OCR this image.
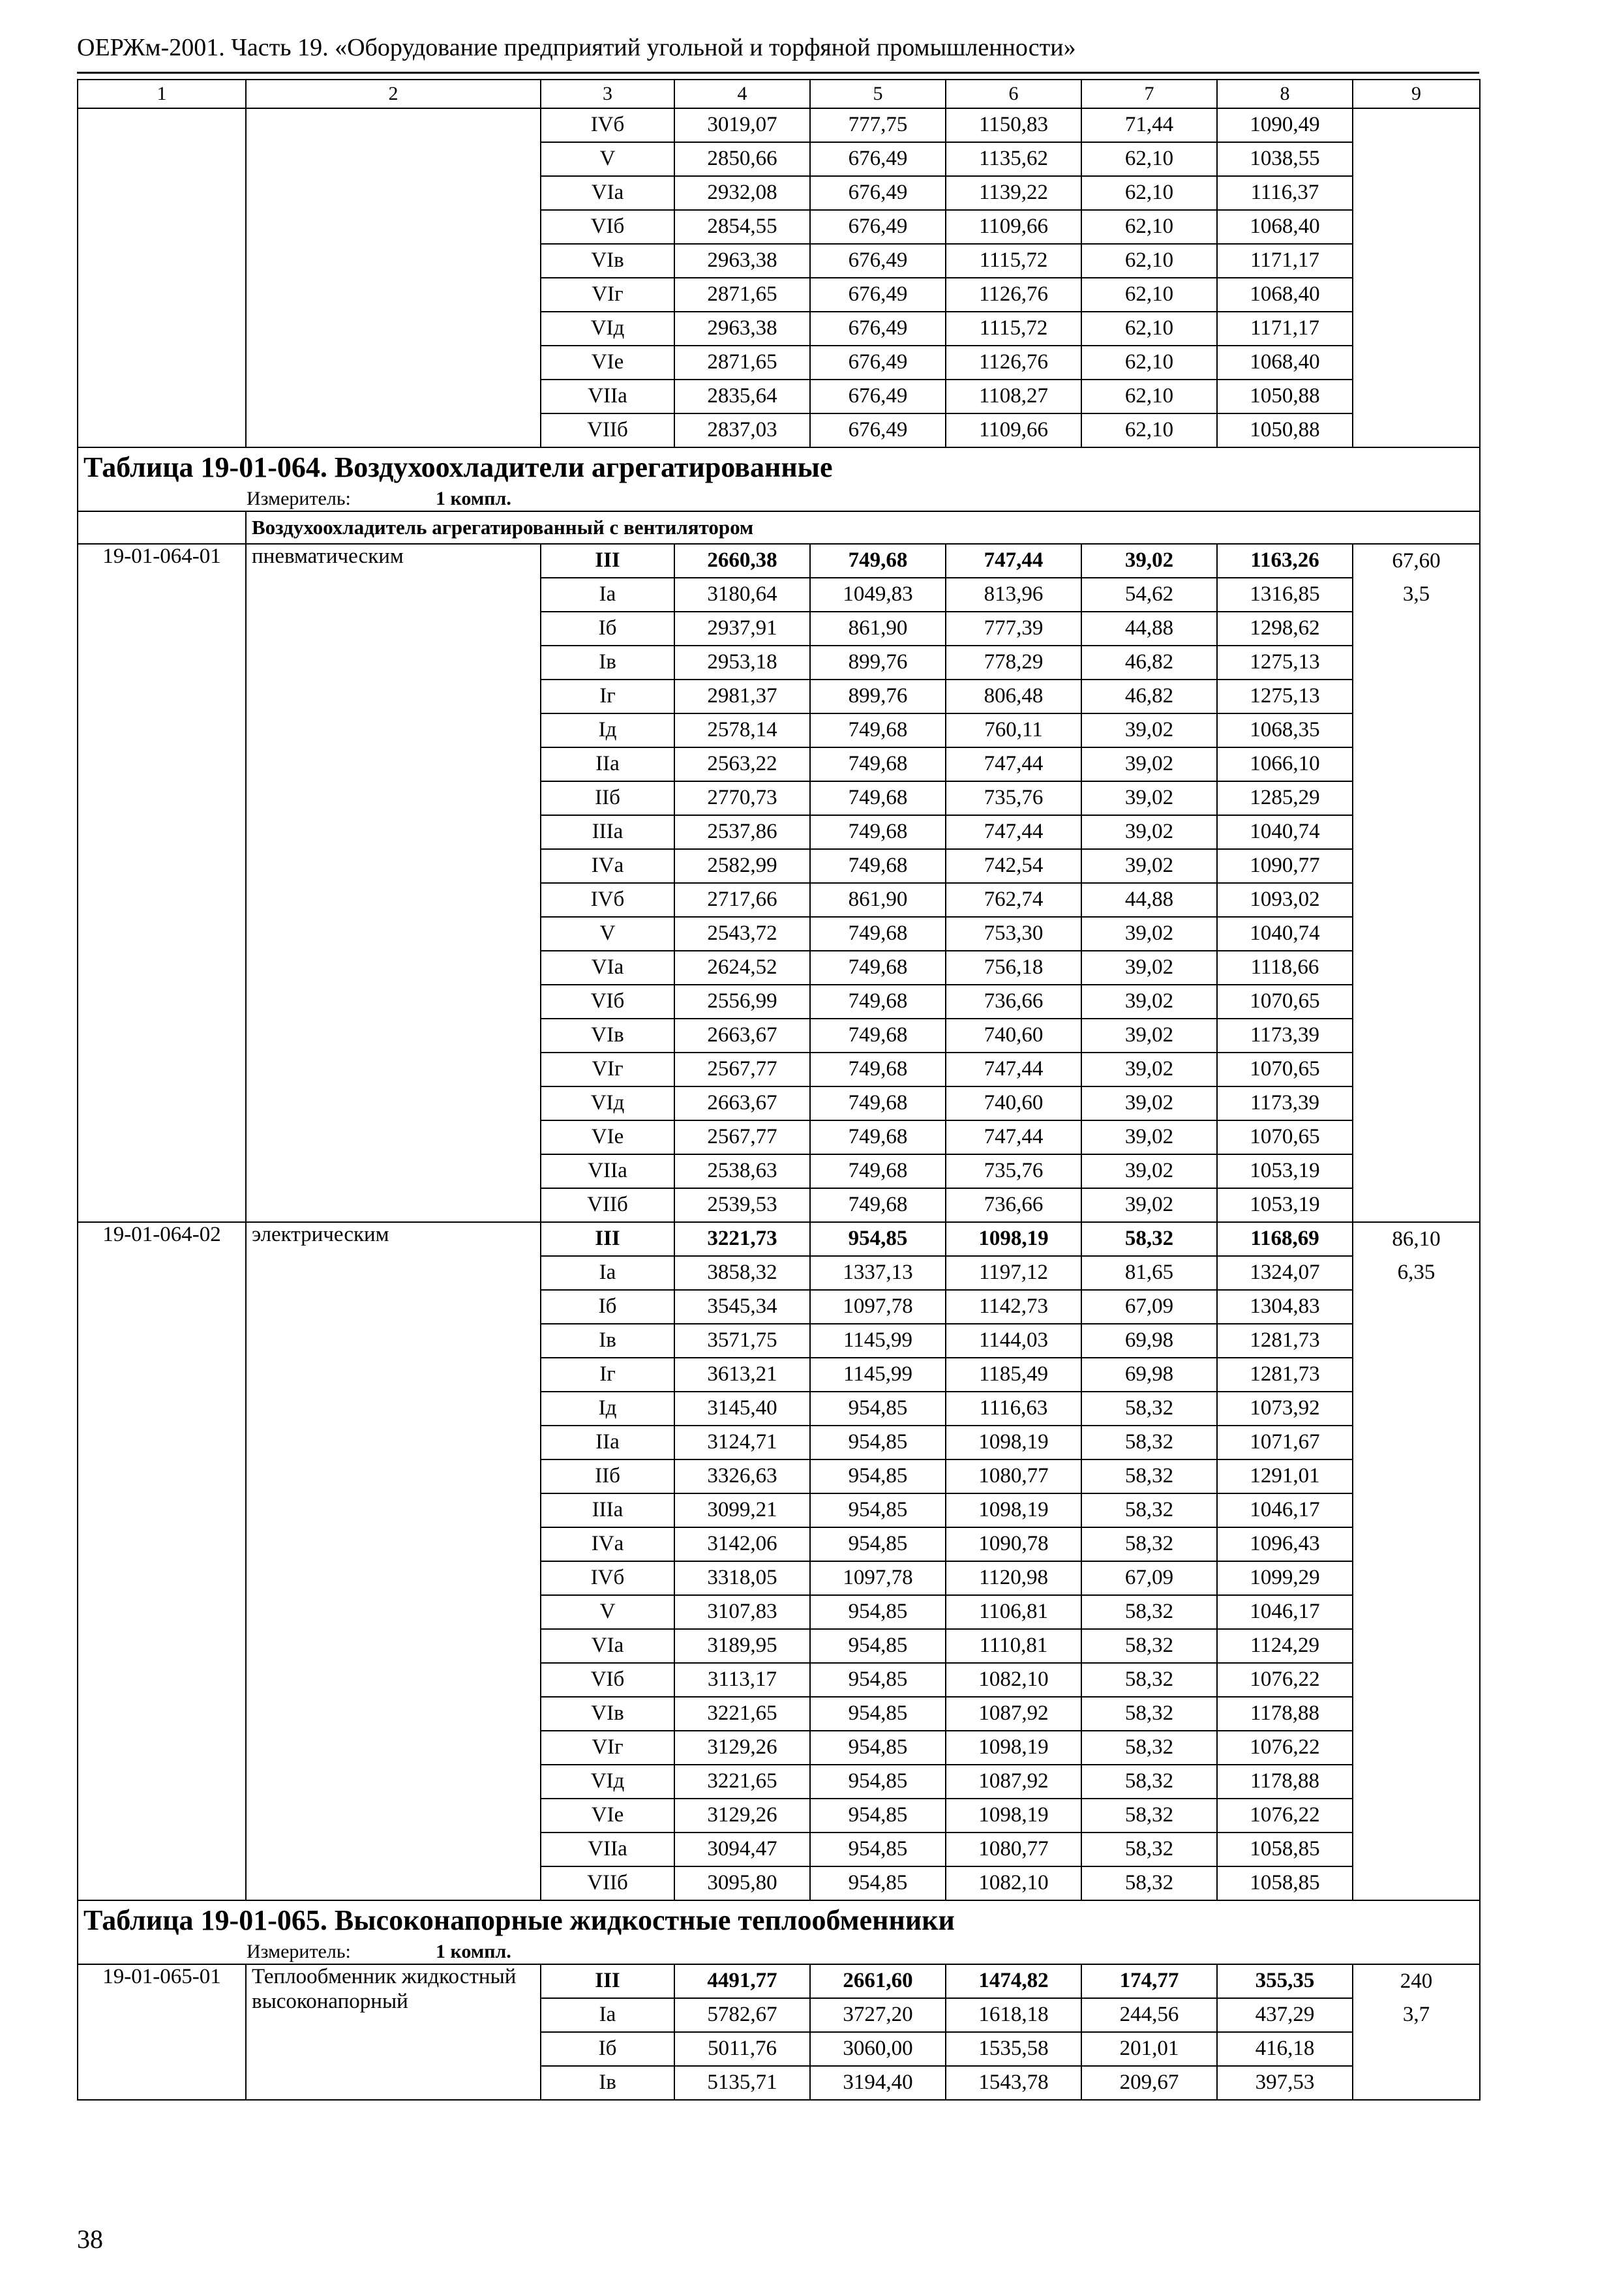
ОЕРЖм-2001. Часть 19. «Оборудование предприятий угольной и торфяной промышленности»
1	2	3	4	5	6	7	8	9
		IVб	3019,07	777,75	1150,83	71,44	1090,49	
		V	2850,66	676,49	1135,62	62,10	1038,55	
		VIа	2932,08	676,49	1139,22	62,10	1116,37	
		VIб	2854,55	676,49	1109,66	62,10	1068,40	
		VIв	2963,38	676,49	1115,72	62,10	1171,17	
		VIг	2871,65	676,49	1126,76	62,10	1068,40	
		VIд	2963,38	676,49	1115,72	62,10	1171,17	
		VIе	2871,65	676,49	1126,76	62,10	1068,40	
		VIIа	2835,64	676,49	1108,27	62,10	1050,88	
		VIIб	2837,03	676,49	1109,66	62,10	1050,88	
Таблица 19-01-064. Воздухоохладители агрегатированные								
Измеритель: 1 компл.								
	Воздухоохладитель агрегатированный с вентилятором							
19-01-064-01	пневматическим	III	2660,38	749,68	747,44	39,02	1163,26	67,60
		Iа	3180,64	1049,83	813,96	54,62	1316,85	3,5
		Iб	2937,91	861,90	777,39	44,88	1298,62	
		Iв	2953,18	899,76	778,29	46,82	1275,13	
		Iг	2981,37	899,76	806,48	46,82	1275,13	
		Iд	2578,14	749,68	760,11	39,02	1068,35	
		IIа	2563,22	749,68	747,44	39,02	1066,10	
		IIб	2770,73	749,68	735,76	39,02	1285,29	
		IIIа	2537,86	749,68	747,44	39,02	1040,74	
		IVа	2582,99	749,68	742,54	39,02	1090,77	
		IVб	2717,66	861,90	762,74	44,88	1093,02	
		V	2543,72	749,68	753,30	39,02	1040,74	
		VIа	2624,52	749,68	756,18	39,02	1118,66	
		VIб	2556,99	749,68	736,66	39,02	1070,65	
		VIв	2663,67	749,68	740,60	39,02	1173,39	
		VIг	2567,77	749,68	747,44	39,02	1070,65	
		VIд	2663,67	749,68	740,60	39,02	1173,39	
		VIе	2567,77	749,68	747,44	39,02	1070,65	
		VIIа	2538,63	749,68	735,76	39,02	1053,19	
		VIIб	2539,53	749,68	736,66	39,02	1053,19	
19-01-064-02	электрическим	III	3221,73	954,85	1098,19	58,32	1168,69	86,10
		Iа	3858,32	1337,13	1197,12	81,65	1324,07	6,35
		Iб	3545,34	1097,78	1142,73	67,09	1304,83	
		Iв	3571,75	1145,99	1144,03	69,98	1281,73	
		Iг	3613,21	1145,99	1185,49	69,98	1281,73	
		Iд	3145,40	954,85	1116,63	58,32	1073,92	
		IIа	3124,71	954,85	1098,19	58,32	1071,67	
		IIб	3326,63	954,85	1080,77	58,32	1291,01	
		IIIа	3099,21	954,85	1098,19	58,32	1046,17	
		IVа	3142,06	954,85	1090,78	58,32	1096,43	
		IVб	3318,05	1097,78	1120,98	67,09	1099,29	
		V	3107,83	954,85	1106,81	58,32	1046,17	
		VIа	3189,95	954,85	1110,81	58,32	1124,29	
		VIб	3113,17	954,85	1082,10	58,32	1076,22	
		VIв	3221,65	954,85	1087,92	58,32	1178,88	
		VIг	3129,26	954,85	1098,19	58,32	1076,22	
		VIд	3221,65	954,85	1087,92	58,32	1178,88	
		VIе	3129,26	954,85	1098,19	58,32	1076,22	
		VIIа	3094,47	954,85	1080,77	58,32	1058,85	
		VIIб	3095,80	954,85	1082,10	58,32	1058,85	
Таблица 19-01-065. Высоконапорные жидкостные теплообменники								
Измеритель: 1 компл.								
19-01-065-01	Теплообменник жидкостный высоконапорный	III	4491,77	2661,60	1474,82	174,77	355,35	240
		Iа	5782,67	3727,20	1618,18	244,56	437,29	3,7
		Iб	5011,76	3060,00	1535,58	201,01	416,18	
		Iв	5135,71	3194,40	1543,78	209,67	397,53	
38
